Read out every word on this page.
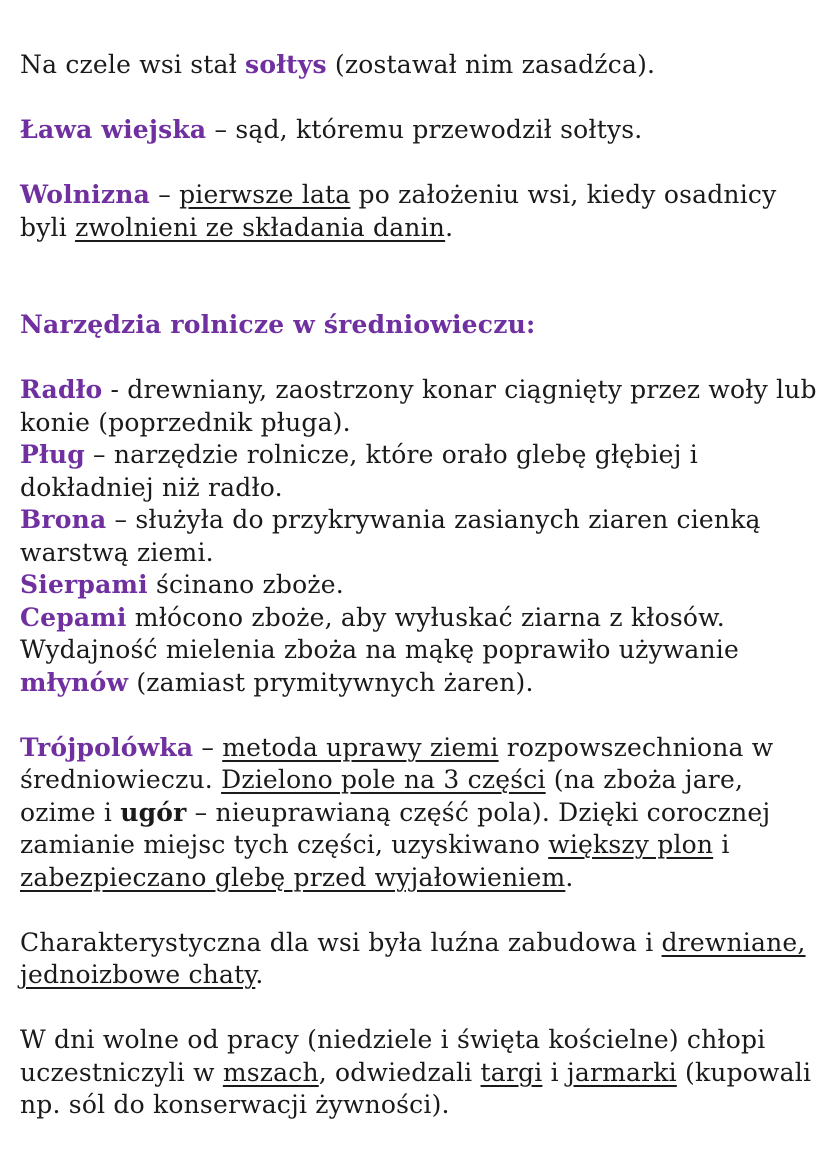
Na czele wsi stał sołtys (zostawał nim zasadźca).

Ława wiejska – sąd, któremu przewodził sołtys.

Wolnizna – pierwsze lata po założeniu wsi, kiedy osadnicy byli zwolnieni ze składania danin.

Narzędzia rolnicze w średniowieczu:

Radło - drewniany, zaostrzony konar ciągnięty przez woły lub konie (poprzednik pługa).

Pług – narzędzie rolnicze, które orało glebę głębiej i dokładniej niż radło.

Brona – służyła do przykrywania zasianych ziaren cienką warstwą ziemi.

Sierpami ścinano zboże.

Cepami młócono zboże, aby wyłuskać ziarna z kłosów.

Wydajność mielenia zboża na mąkę poprawiło używanie młynów (zamiast prymitywnych żaren).

Trójpolówka – metoda uprawy ziemi rozpowszechniona w średniowieczu. Dzielono pole na 3 części (na zboża jare, ozime i ugór – nieuprawianą część pola). Dzięki corocznej zamianie miejsc tych części, uzyskiwano większy plon i zabezpieczano glebę przed wyjałowieniem.

Charakterystyczna dla wsi była luźna zabudowa i drewniane, jednoizbowe chaty.

W dni wolne od pracy (niedziele i święta kościelne) chłopi uczestniczyli w mszach, odwiedzali targi i jarmarki (kupowali np. sól do konserwacji żywności).
